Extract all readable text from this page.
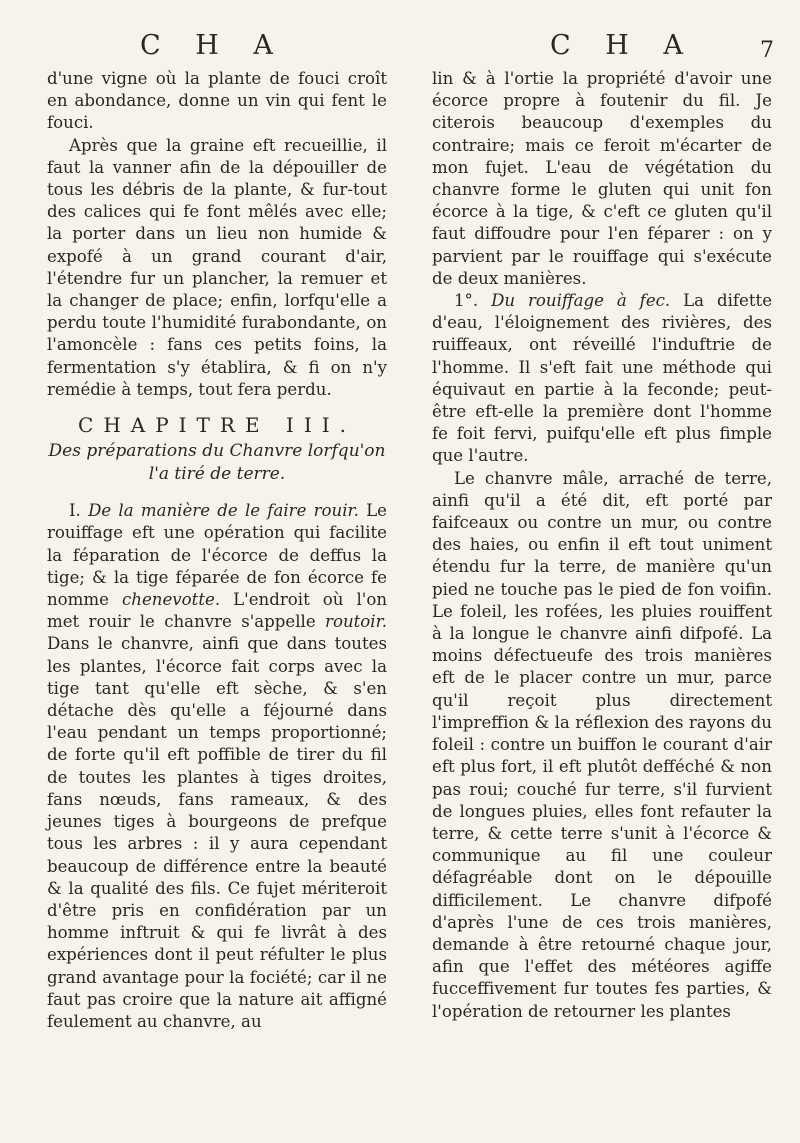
C H A	C H A	7

d'une vigne où la plante de fouci croît en abondance, donne un vin qui fent le fouci.

Après que la graine eft recueillie, il faut la vanner afin de la dépouiller de tous les débris de la plante, & fur-tout des calices qui fe font mêlés avec elle; la porter dans un lieu non humide & expofé à un grand courant d'air, l'étendre fur un plancher, la remuer et la changer de place; enfin, lorfqu'elle a perdu toute l'humidité furabondante, on l'amoncèle : fans ces petits foins, la fermentation s'y établira, & fi on n'y remédie à temps, tout fera perdu.

CHAPITRE III.

Des préparations du Chanvre lorfqu'on l'a tiré de terre.

I. De la manière de le faire rouir. Le rouiffage eft une opération qui facilite la féparation de l'écorce de deffus la tige; & la tige féparée de fon écorce fe nomme chenevotte. L'endroit où l'on met rouir le chanvre s'appelle routoir. Dans le chanvre, ainfi que dans toutes les plantes, l'écorce fait corps avec la tige tant qu'elle eft sèche, & s'en détache dès qu'elle a féjourné dans l'eau pendant un temps proportionné; de forte qu'il eft poffible de tirer du fil de toutes les plantes à tiges droites, fans nœuds, fans rameaux, & des jeunes tiges à bourgeons de prefque tous les arbres : il y aura cependant beaucoup de différence entre la beauté & la qualité des fils. Ce fujet mériteroit d'être pris en confidération par un homme inftruit & qui fe livrât à des expériences dont il peut réfulter le plus grand avantage pour la fociété; car il ne faut pas croire que la nature ait affigné feulement au chanvre, au

lin & à l'ortie la propriété d'avoir une écorce propre à foutenir du fil. Je citerois beaucoup d'exemples du contraire; mais ce feroit m'écarter de mon fujet. L'eau de végétation du chanvre forme le gluten qui unit fon écorce à la tige, & c'eft ce gluten qu'il faut diffoudre pour l'en féparer : on y parvient par le rouiffage qui s'exécute de deux manières.

1°. Du rouiffage à fec. La difette d'eau, l'éloignement des rivières, des ruiffeaux, ont réveillé l'induftrie de l'homme. Il s'eft fait une méthode qui équivaut en partie à la feconde; peut-être eft-elle la première dont l'homme fe foit fervi, puifqu'elle eft plus fimple que l'autre.

Le chanvre mâle, arraché de terre, ainfi qu'il a été dit, eft porté par faifceaux ou contre un mur, ou contre des haies, ou enfin il eft tout uniment étendu fur la terre, de manière qu'un pied ne touche pas le pied de fon voifin. Le foleil, les rofées, les pluies rouiffent à la longue le chanvre ainfi difpofé. La moins défectueufe des trois manières eft de le placer contre un mur, parce qu'il reçoit plus directement l'impreffion & la réflexion des rayons du foleil : contre un buiffon le courant d'air eft plus fort, il eft plutôt defféché & non pas roui; couché fur terre, s'il furvient de longues pluies, elles font refauter la terre, & cette terre s'unit à l'écorce & communique au fil une couleur défagréable dont on le dépouille difficilement. Le chanvre difpofé d'après l'une de ces trois manières, demande à être retourné chaque jour, afin que l'effet des météores agiffe fucceffivement fur toutes fes parties, & l'opération de retourner les plantes
